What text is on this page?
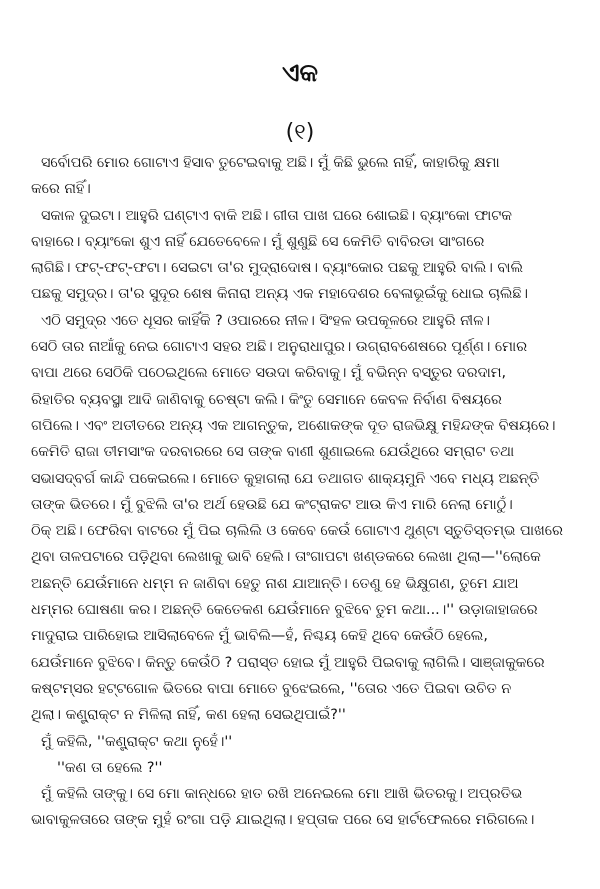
ଏକ
(୧)
ସର୍ବୋପରି ମୋର ଗୋଟାଏ ହିସାବ ତୁଟେଇବାକୁ ଅଛି। ମୁଁ କିଛି ଭୁଲେ ନାହିଁ, କାହାରିକୁ କ୍ଷମା
କରେ ନାହିଁ।
ସକାଳ ଦୁଇଟା। ଆହୁରି ଘଣ୍ଟାଏ ବାକି ଅଛି। ଗୀତା ପାଖ ଘରେ ଶୋଇଛି। ବ୍ୟାଂକୋ ଫାଟକ
ବାହାରେ। ବ୍ୟାଂକୋ ଶୁଏ ନାହିଁ ଯେତେବେଳେ। ମୁଁ ଶୁଣୁଛି ସେ କେମିତି ବାବିରଡା ସାଂଗରେ
ଲାଗିଛି। ଫଟ୍-ଫଟ୍-ଫଟା। ସେଇଟା ତା'ର ମୁଦ୍ରାଦୋଷ। ବ୍ୟାଂକୋର ପଛକୁ ଆହୁରି ବାଲି। ବାଲି
ପଛକୁ ସମୁଦ୍ର। ତା'ର ସୁଦୂର ଶେଷ କିନାରା ଅନ୍ୟ ଏକ ମହାଦେଶର ବେଳାଭୂଇଁକୁ ଧୋଇ ଚାଲିଛି।
ଏଠି ସମୁଦ୍ର ଏତେ ଧୂସର କାହିଁକି ? ଓପାରରେ ନୀଳ। ସିଂହଳ ଉପକୂଳରେ ଆହୁରି ନୀଳ।
ସେଠି ତାର ନାଆଁକୁ ନେଇ ଗୋଟାଏ ସହର ଅଛି। ଅନୁରାଧାପୁର। ଉଗ୍ରାବଶେଷରେ ପୂର୍ଣ୍ଣ। ମୋର
ବାପା ଥରେ ସେଠିକି ପଠେଇଥିଲେ ମୋତେ ସଉଦା କରିବାକୁ। ମୁଁ ବଭିନ୍ନ ବସ୍ତୁର ଦରଦାମ,
ରିହାତିର ବ୍ୟବସ୍ଥା ଆଦି ଜାଣିବାକୁ ଚେଷ୍ଟା କଲି। କିଂତୁ ସେମାନେ କେବଳ ନିର୍ବାଣ ବିଷୟରେ
ଗପିଲେ। ଏବଂ ଅତୀତରେ ଅନ୍ୟ ଏକ ଆଗନ୍ତୁକ, ଅଶୋକଙ୍କ ଦୂତ ରାଜଭିକ୍ଷୁ ମହିନ୍ଦଙ୍କ ବିଷୟରେ।
କେମିତି ରାଜା ତୀମସାଂକ ଦରବାରରେ ସେ ତାଙ୍କ ବାଣୀ ଶୁଣାଇଲେ ଯେଉଁଥିରେ ସମ୍ରାଟ ତଥା
ସଭାସଦ୍‌ବର୍ଗ କାନ୍ଦି ପକେଇଲେ। ମୋତେ କୁହାଗଲା ଯେ ତଥାଗତ ଶାକ୍ୟମୁନି ଏବେ ମଧ୍ୟ ଅଛନ୍ତି
ତାଙ୍କ ଭିତରେ। ମୁଁ ବୁଝିଲି ତା'ର ଅର୍ଥ ହେଉଛି ଯେ କଂଟ୍ରାକଟ ଆଉ କିଏ ମାରି ନେଲା ମୋଠୁଁ।
ଠିକ୍ ଅଛି। ଫେରିବା ବାଟରେ ମୁଁ ପିଇ ଚାଲିଲି ଓ କେବେ କେଉଁ ଗୋଟାଏ ଥୁଣ୍ଟା ସ୍ତୁତିସ୍ତମ୍ଭ ପାଖରେ
ଥିବା ତାଳପଟାରେ ପଡ଼ିଥିବା ଲେଖାକୁ ଭାବି ହେଲି। ତାଂଗାପଟା ଖଣ୍ଡକରେ ଲେଖା ଥିଲା—''ଲୋକେ
ଅଛନ୍ତି ଯେଉଁମାନେ ଧମ୍ମ ନ ଜାଣିବା ହେତୁ ନାଶ ଯାଆନ୍ତି। ତେଣୁ ହେ ଭିକ୍ଷୁଗଣ, ତୁମେ ଯାଅ
ଧମ୍ମର ଘୋଷଣା କର। ଅଛନ୍ତି କେତେକଣ ଯେଉଁମାନେ ବୁଝିବେ ତୁମ କଥା...।'' ଉଡ଼ାଜାହାଜରେ
ମାଦୁରାଇ ପାରିହୋଇ ଆସିଲାବେଳେ ମୁଁ ଭାବିଲି—ହଁ, ନିଶ୍ଚୟ କେହି ଥିବେ କେଉଁଠି ହେଲେ,
ଯେଉଁମାନେ ବୁଝିବେ। କିନ୍ତୁ କେଉଁଠି ? ପରାସ୍ତ ହୋଇ ମୁଁ ଆହୁରି ପିଇବାକୁ ଲାଗିଲି। ସାଞ୍ଜାକୁକରେ
କଷ୍ଟମ୍ସର ହଟ୍ଟଗୋଳ ଭିତରେ ବାପା ମୋତେ ବୁଝେଇଲେ, ''ତୋର ଏତେ ପିଇବା ଉଚିତ ନ
ଥିଲା। କଣ୍ଟ୍ରାକ୍ଟ ନ ମିଳିଲା ନାହିଁ, କଣ ହେଲା ସେଇଥିପାଇଁ?''
ମୁଁ କହିଲି, ''କଣ୍ଟ୍ରାକ୍ଟ କଥା ନୁହେଁ।''
''କଣ ତା ହେଲେ ?''
ମୁଁ କହିଲି ତାଙ୍କୁ। ସେ ମୋ କାନ୍ଧରେ ହାତ ରଖି ଅନେଇଲେ ମୋ ଆଖି ଭିତରକୁ। ଅପ୍ରତିଭ
ଭାବାକୁଳତାରେ ତାଙ୍କ ମୁହଁ ରଂଗା ପଡ଼ି ଯାଇଥିଲା। ହପ୍ତାକ ପରେ ସେ ହାର୍ଟଫେଲରେ ମରିଗଲେ।
